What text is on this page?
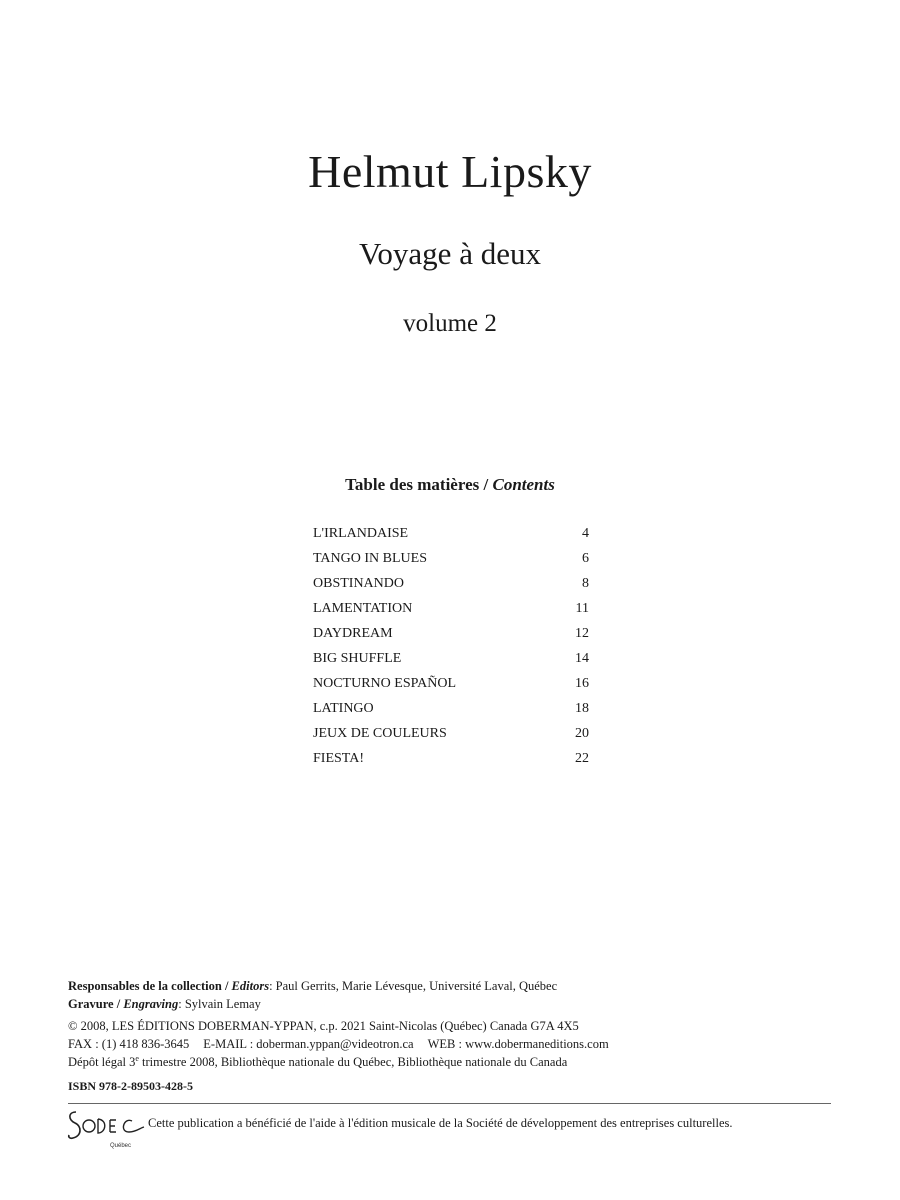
Helmut Lipsky
Voyage à deux
volume 2
Table des matières / Contents
L'IRLANDAISE	4
TANGO IN BLUES	6
OBSTINANDO	8
LAMENTATION	11
DAYDREAM	12
BIG SHUFFLE	14
NOCTURNO ESPAÑOL	16
LATINGO	18
JEUX DE COULEURS	20
FIESTA!	22
Responsables de la collection / Editors: Paul Gerrits, Marie Lévesque, Université Laval, Québec
Gravure / Engraving: Sylvain Lemay
© 2008, LES ÉDITIONS DOBERMAN-YPPAN, c.p. 2021 Saint-Nicolas (Québec) Canada G7A 4X5
FAX : (1) 418 836-3645 E-MAIL : doberman.yppan@videotron.ca WEB : www.dobermaneditions.com
Dépôt légal 3e trimestre 2008, Bibliothèque nationale du Québec, Bibliothèque nationale du Canada
ISBN 978-2-89503-428-5
Québec
Cette publication a bénéficié de l'aide à l'édition musicale de la Société de développement des entreprises culturelles.
